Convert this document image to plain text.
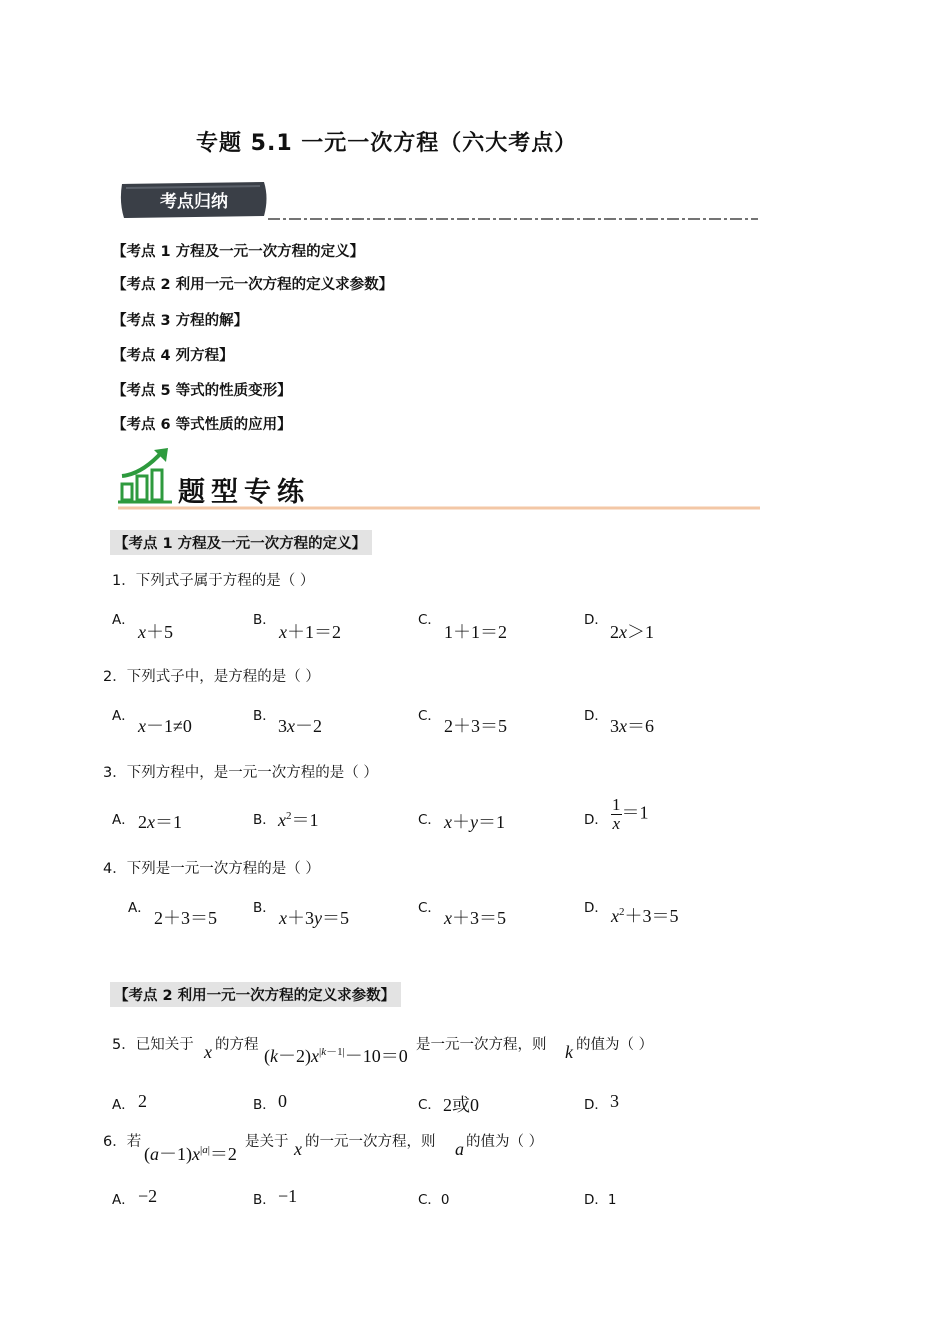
专题 5.1 一元一次方程（六大考点）
考点归纳
【考点 1 方程及一元一次方程的定义】
【考点 2 利用一元一次方程的定义求参数】
【考点 3 方程的解】
【考点 4 列方程】
【考点 5 等式的性质变形】
【考点 6 等式性质的应用】
题型专练
【考点 1 方程及一元一次方程的定义】
1．下列式子属于方程的是（ ）
A．
x＋5
B．
x＋1＝2
C．
1＋1＝2
D．
2x＞1
2．下列式子中，是方程的是（ ）
A． x－1≠0	B． 3x－2	C． 2＋3＝5	D． 3x＝6
3．下列方程中，是一元一次方程的是（ ）
A． 2x＝1	B． $x^2=1$	C． x＋y＝1	D． $\frac{1}{x} =1$
4．下列是一元一次方程的是（ ）
A． 2＋3＝5	B． x＋3y＝5	C． x＋3＝5	D． $x^2+3=5$
【考点 2 利用一元一次方程的定义求参数】
5．已知关于 x 的方程
$(k-2)x^{|k-1|}-10=0$
是一元一次方程，则 k 的值为（ ）
A． 2	B． 0	C． 2或0	D． 3
6．若
$(a-1)x^{|a|}=2$
是关于 x 的一元一次方程，则 a 的值为（ ）
A． −2	B． −1	C．0	D．1
